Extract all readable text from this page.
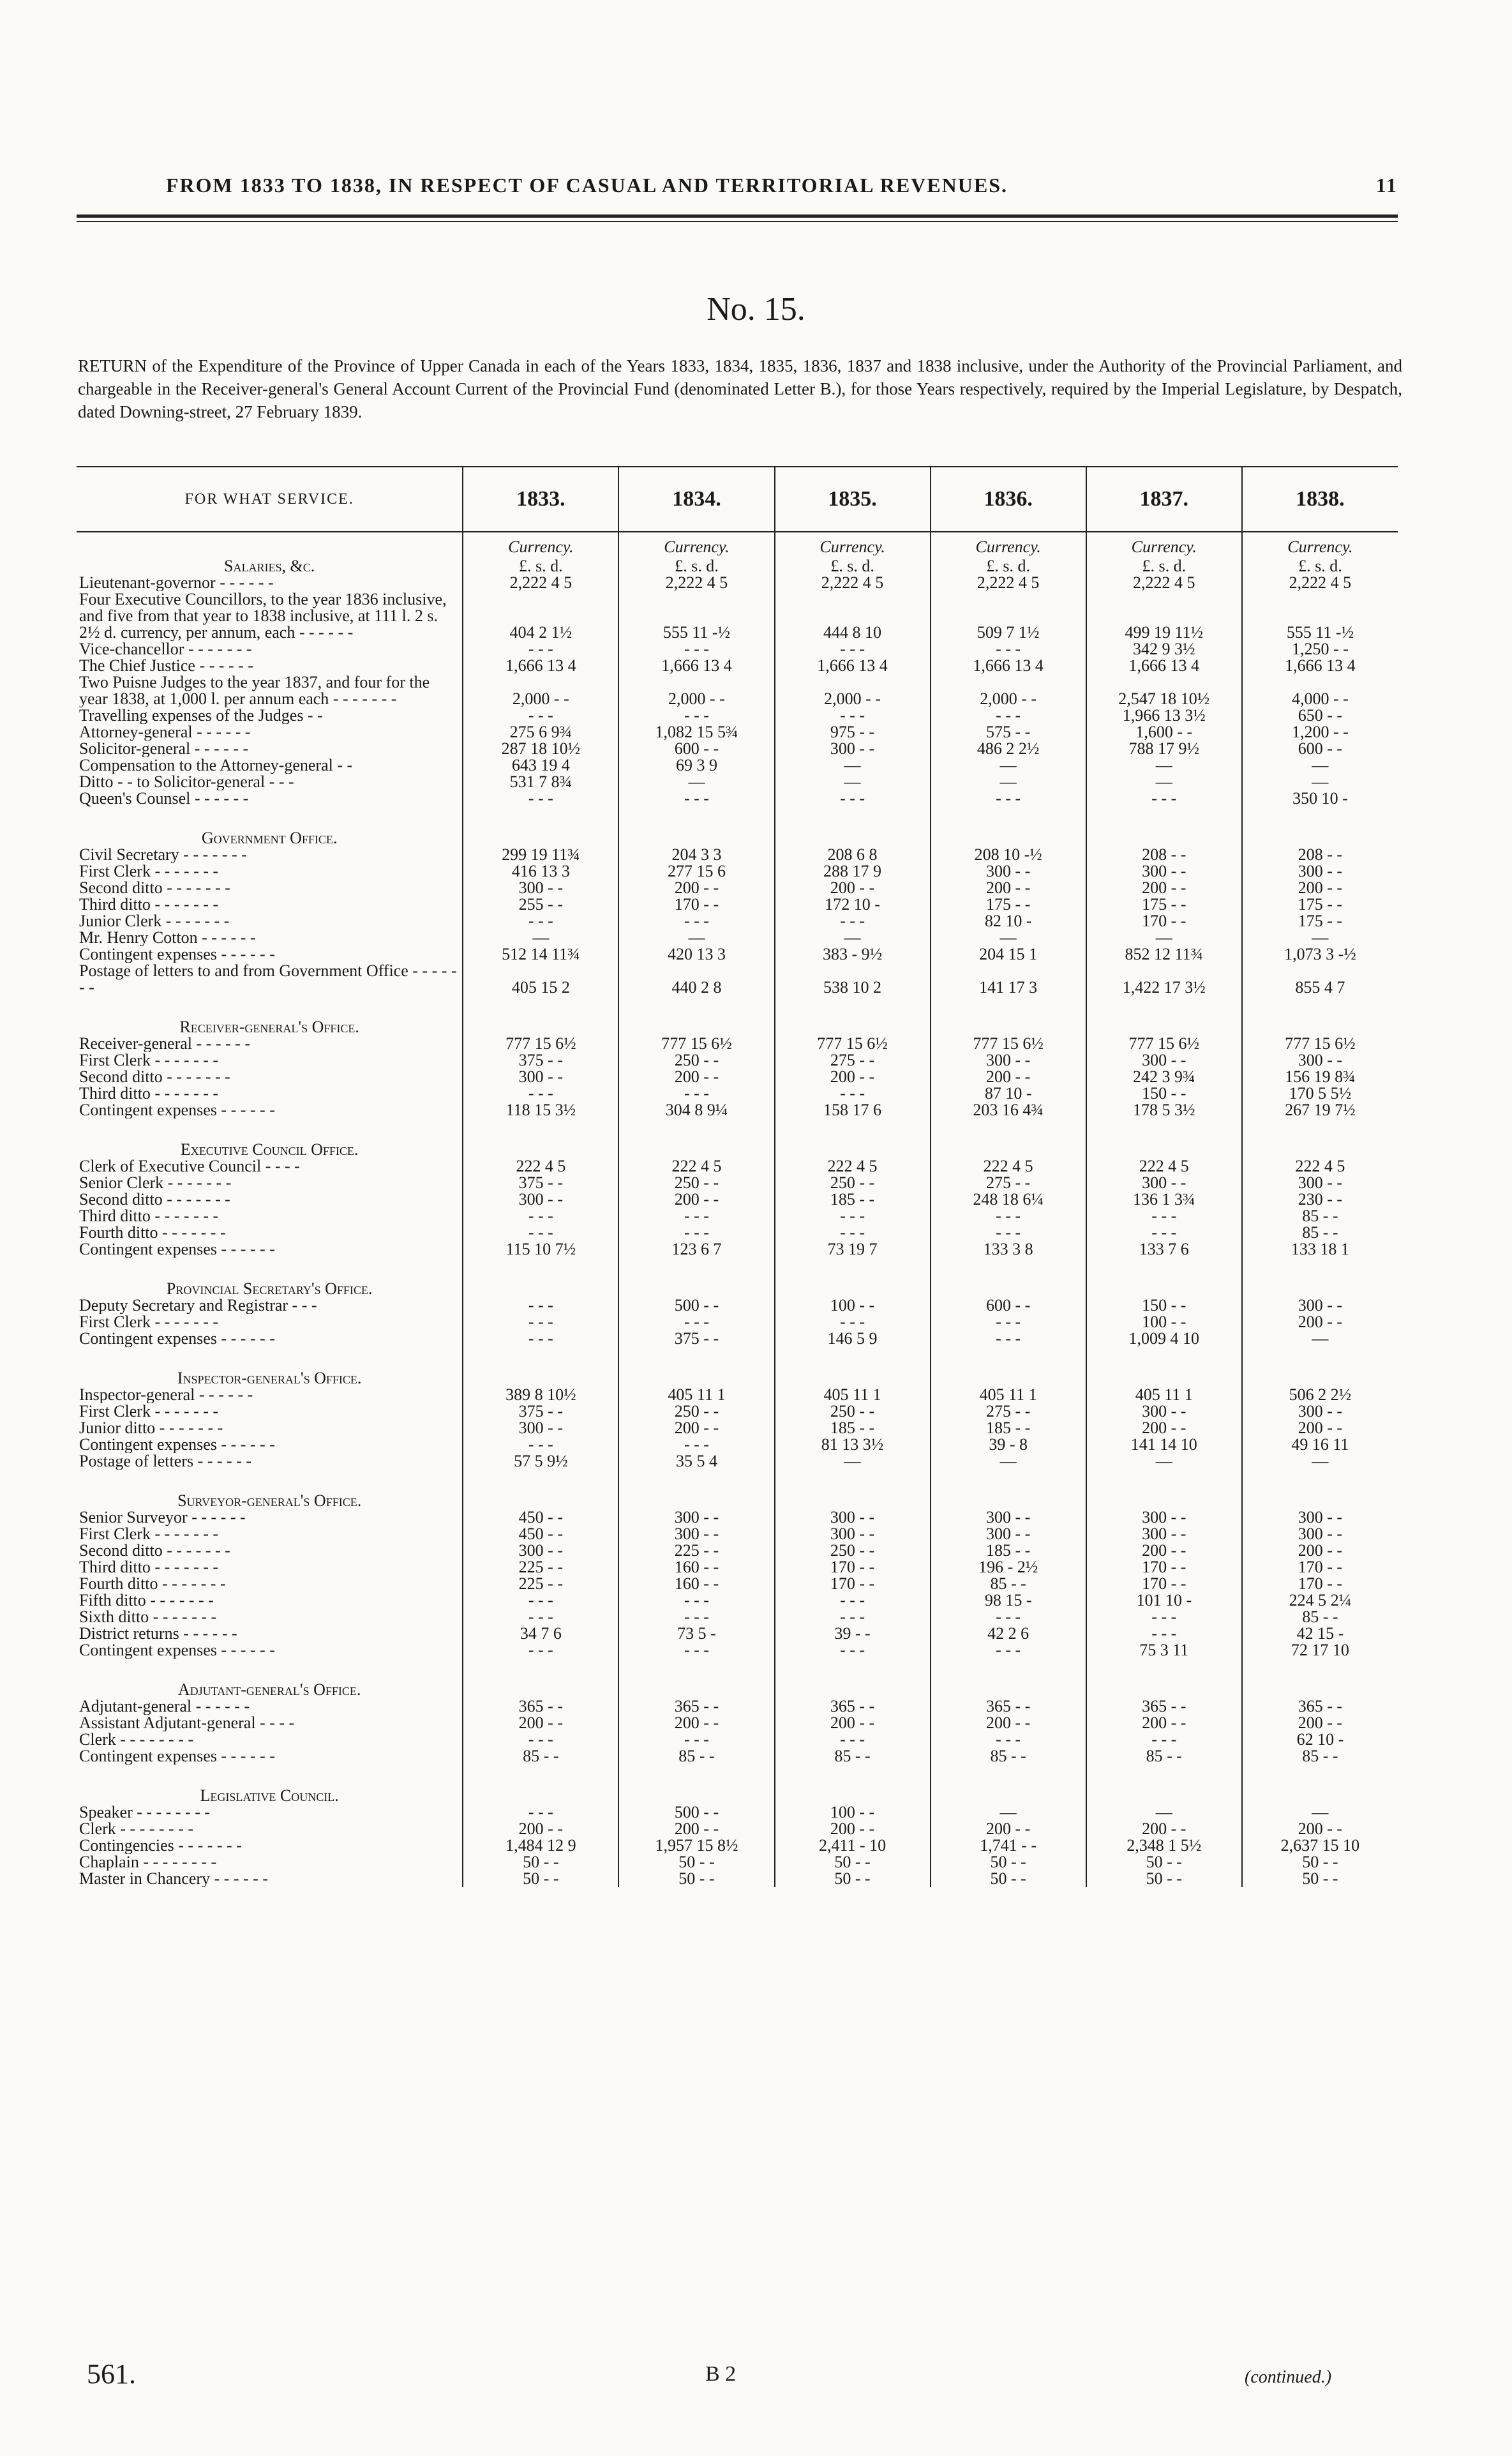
FROM 1833 TO 1838, IN RESPECT OF CASUAL AND TERRITORIAL REVENUES.	11
No. 15.
RETURN of the Expenditure of the Province of Upper Canada in each of the Years 1833, 1834, 1835, 1836, 1837 and 1838 inclusive, under the Authority of the Provincial Parliament, and chargeable in the Receiver-general's General Account Current of the Provincial Fund (denominated Letter B.), for those Years respectively, required by the Imperial Legislature, by Despatch, dated Downing-street, 27 February 1839.
FOR WHAT SERVICE.	1833.	1834.	1835.	1836.	1837.	1838.
	Currency.	Currency.	Currency.	Currency.	Currency.	Currency.
Salaries, &c.	£. s. d.	£. s. d.	£. s. d.	£. s. d.	£. s. d.	£. s. d.
Lieutenant-governor - - - - - -	2,222 4 5	2,222 4 5	2,222 4 5	2,222 4 5	2,222 4 5	2,222 4 5
Four Executive Councillors, to the year 1836 inclusive, and five from that year to 1838 inclusive, at 111 l. 2 s. 2½ d. currency, per annum, each - - - - - -	404 2 1½	555 11 -½	444 8 10	509 7 1½	499 19 11½	555 11 -½
Vice-chancellor - - - - - - -	- - -	- - -	- - -	- - -	342 9 3½	1,250 - -
The Chief Justice - - - - - -	1,666 13 4	1,666 13 4	1,666 13 4	1,666 13 4	1,666 13 4	1,666 13 4
Two Puisne Judges to the year 1837, and four for the year 1838, at 1,000 l. per annum each - - - - - - -	2,000 - -	2,000 - -	2,000 - -	2,000 - -	2,547 18 10½	4,000 - -
Travelling expenses of the Judges - -	- - -	- - -	- - -	- - -	1,966 13 3½	650 - -
Attorney-general - - - - - -	275 6 9¾	1,082 15 5¾	975 - -	575 - -	1,600 - -	1,200 - -
Solicitor-general - - - - - -	287 18 10½	600 - -	300 - -	486 2 2½	788 17 9½	600 - -
Compensation to the Attorney-general - -	643 19 4	69 3 9	—	—	—	—
Ditto - - to Solicitor-general - - -	531 7 8¾	—	—	—	—	—
Queen's Counsel - - - - - -	- - -	- - -	- - -	- - -	- - -	350 10 -
Government Office.						
Civil Secretary - - - - - - -	299 19 11¾	204 3 3	208 6 8	208 10 -½	208 - -	208 - -
First Clerk - - - - - - -	416 13 3	277 15 6	288 17 9	300 - -	300 - -	300 - -
Second ditto - - - - - - -	300 - -	200 - -	200 - -	200 - -	200 - -	200 - -
Third ditto - - - - - - -	255 - -	170 - -	172 10 -	175 - -	175 - -	175 - -
Junior Clerk - - - - - - -	- - -	- - -	- - -	82 10 -	170 - -	175 - -
Mr. Henry Cotton - - - - - -	—	—	—	—	—	—
Contingent expenses - - - - - -	512 14 11¾	420 13 3	383 - 9½	204 15 1	852 12 11¾	1,073 3 -½
Postage of letters to and from Government Office - - - - - - -	405 15 2	440 2 8	538 10 2	141 17 3	1,422 17 3½	855 4 7
Receiver-general's Office.						
Receiver-general - - - - - -	777 15 6½	777 15 6½	777 15 6½	777 15 6½	777 15 6½	777 15 6½
First Clerk - - - - - - -	375 - -	250 - -	275 - -	300 - -	300 - -	300 - -
Second ditto - - - - - - -	300 - -	200 - -	200 - -	200 - -	242 3 9¾	156 19 8¾
Third ditto - - - - - - -	- - -	- - -	- - -	87 10 -	150 - -	170 5 5½
Contingent expenses - - - - - -	118 15 3½	304 8 9¼	158 17 6	203 16 4¾	178 5 3½	267 19 7½
Executive Council Office.						
Clerk of Executive Council - - - -	222 4 5	222 4 5	222 4 5	222 4 5	222 4 5	222 4 5
Senior Clerk - - - - - - -	375 - -	250 - -	250 - -	275 - -	300 - -	300 - -
Second ditto - - - - - - -	300 - -	200 - -	185 - -	248 18 6¼	136 1 3¾	230 - -
Third ditto - - - - - - -	- - -	- - -	- - -	- - -	- - -	85 - -
Fourth ditto - - - - - - -	- - -	- - -	- - -	- - -	- - -	85 - -
Contingent expenses - - - - - -	115 10 7½	123 6 7	73 19 7	133 3 8	133 7 6	133 18 1
Provincial Secretary's Office.						
Deputy Secretary and Registrar - - -	- - -	500 - -	100 - -	600 - -	150 - -	300 - -
First Clerk - - - - - - -	- - -	- - -	- - -	- - -	100 - -	200 - -
Contingent expenses - - - - - -	- - -	375 - -	146 5 9	- - -	1,009 4 10	—
Inspector-general's Office.						
Inspector-general - - - - - -	389 8 10½	405 11 1	405 11 1	405 11 1	405 11 1	506 2 2½
First Clerk - - - - - - -	375 - -	250 - -	250 - -	275 - -	300 - -	300 - -
Junior ditto - - - - - - -	300 - -	200 - -	185 - -	185 - -	200 - -	200 - -
Contingent expenses - - - - - -	- - -	- - -	81 13 3½	39 - 8	141 14 10	49 16 11
Postage of letters - - - - - -	57 5 9½	35 5 4	—	—	—	—
Surveyor-general's Office.						
Senior Surveyor - - - - - -	450 - -	300 - -	300 - -	300 - -	300 - -	300 - -
First Clerk - - - - - - -	450 - -	300 - -	300 - -	300 - -	300 - -	300 - -
Second ditto - - - - - - -	300 - -	225 - -	250 - -	185 - -	200 - -	200 - -
Third ditto - - - - - - -	225 - -	160 - -	170 - -	196 - 2½	170 - -	170 - -
Fourth ditto - - - - - - -	225 - -	160 - -	170 - -	85 - -	170 - -	170 - -
Fifth ditto - - - - - - -	- - -	- - -	- - -	98 15 -	101 10 -	224 5 2¼
Sixth ditto - - - - - - -	- - -	- - -	- - -	- - -	- - -	85 - -
District returns - - - - - -	34 7 6	73 5 -	39 - -	42 2 6	- - -	42 15 -
Contingent expenses - - - - - -	- - -	- - -	- - -	- - -	75 3 11	72 17 10
Adjutant-general's Office.						
Adjutant-general - - - - - -	365 - -	365 - -	365 - -	365 - -	365 - -	365 - -
Assistant Adjutant-general - - - -	200 - -	200 - -	200 - -	200 - -	200 - -	200 - -
Clerk - - - - - - - -	- - -	- - -	- - -	- - -	- - -	62 10 -
Contingent expenses - - - - - -	85 - -	85 - -	85 - -	85 - -	85 - -	85 - -
Legislative Council.						
Speaker - - - - - - - -	- - -	500 - -	100 - -	—	—	—
Clerk - - - - - - - -	200 - -	200 - -	200 - -	200 - -	200 - -	200 - -
Contingencies - - - - - - -	1,484 12 9	1,957 15 8½	2,411 - 10	1,741 - -	2,348 1 5½	2,637 15 10
Chaplain - - - - - - - -	50 - -	50 - -	50 - -	50 - -	50 - -	50 - -
Master in Chancery - - - - - -	50 - -	50 - -	50 - -	50 - -	50 - -	50 - -
561.	B 2	(continued.)
